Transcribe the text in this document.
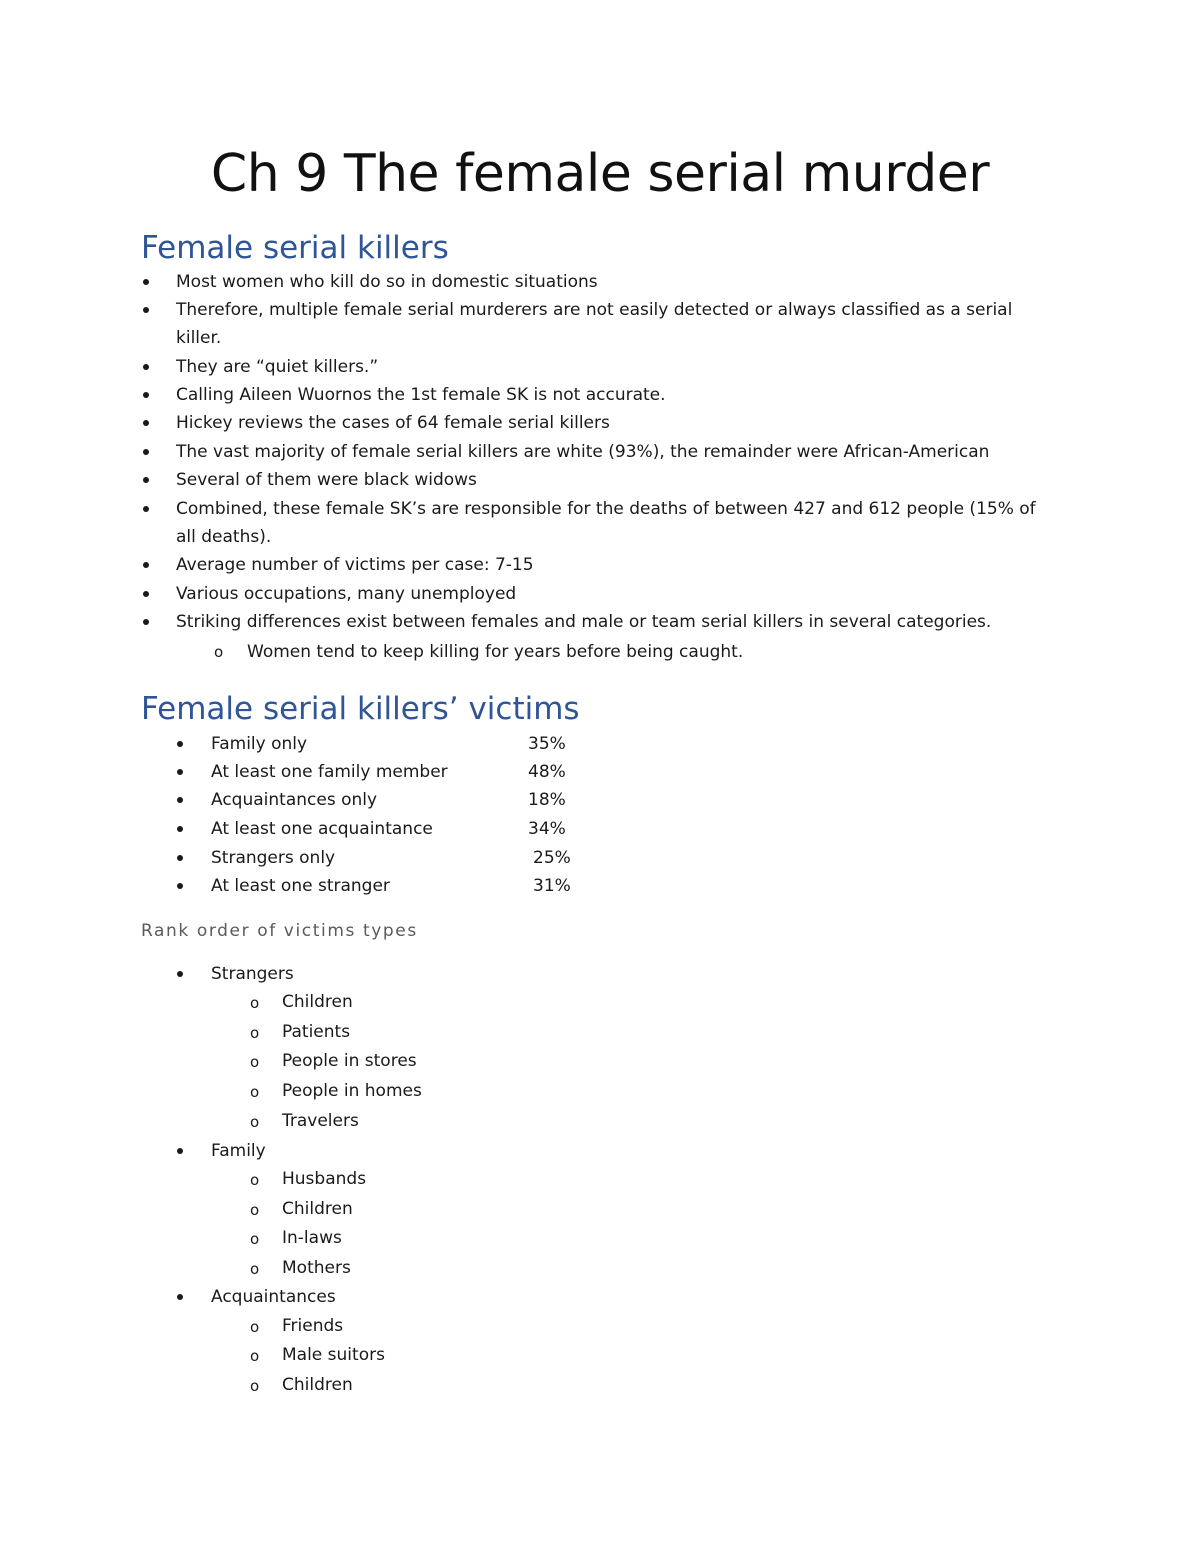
Ch 9 The female serial murder
Female serial killers
Most women who kill do so in domestic situations
Therefore, multiple female serial murderers are not easily detected or always classified as a serial
killer.
They are “quiet killers.”
Calling Aileen Wuornos the 1st female SK is not accurate.
Hickey reviews the cases of 64 female serial killers
The vast majority of female serial killers are white (93%), the remainder were African-American
Several of them were black widows
Combined, these female SK’s are responsible for the deaths of between 427 and 612 people (15% of
all deaths).
Average number of victims per case: 7-15
Various occupations, many unemployed
Striking differences exist between females and male or team serial killers in several categories.
o Women tend to keep killing for years before being caught.
Female serial killers’ victims
Family only	35%
At least one family member	48%
Acquaintances only	18%
At least one acquaintance	34%
Strangers only	25%
At least one stranger	31%
Rank order of victims types
Strangers
o Children
o Patients
o People in stores
o People in homes
o Travelers
Family
o Husbands
o Children
o In-laws
o Mothers
Acquaintances
o Friends
o Male suitors
o Children
